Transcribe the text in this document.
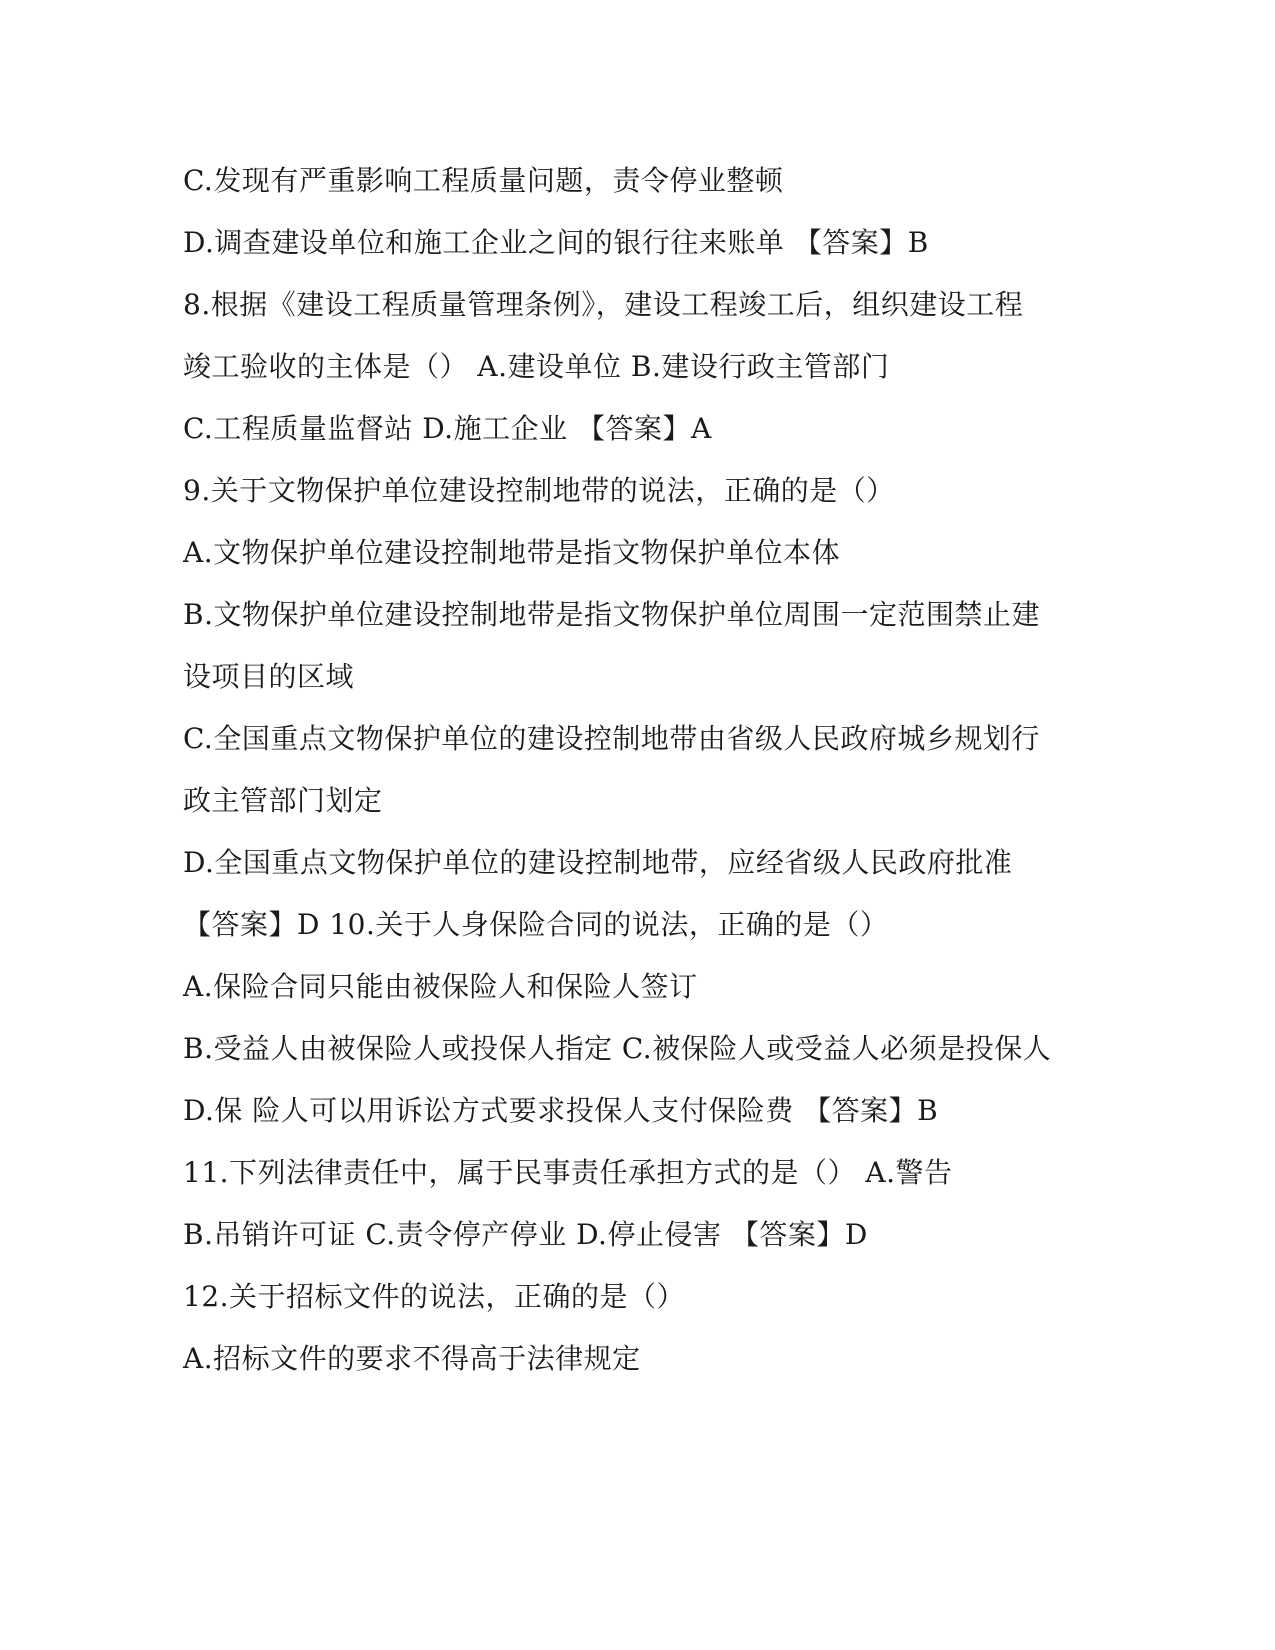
C.发现有严重影响工程质量问题，责令停业整顿
D.调查建设单位和施工企业之间的银行往来账单 【答案】B
8.根据《建设工程质量管理条例》，建设工程竣工后，组织建设工程
竣工验收的主体是（） A.建设单位 B.建设行政主管部门
C.工程质量监督站 D.施工企业 【答案】A
9.关于文物保护单位建设控制地带的说法，正确的是（）
A.文物保护单位建设控制地带是指文物保护单位本体
B.文物保护单位建设控制地带是指文物保护单位周围一定范围禁止建
设项目的区域
C.全国重点文物保护单位的建设控制地带由省级人民政府城乡规划行
政主管部门划定
D.全国重点文物保护单位的建设控制地带，应经省级人民政府批准
【答案】D 10.关于人身保险合同的说法，正确的是（）
A.保险合同只能由被保险人和保险人签订
B.受益人由被保险人或投保人指定 C.被保险人或受益人必须是投保人
D.保 险人可以用诉讼方式要求投保人支付保险费 【答案】B
11.下列法律责任中，属于民事责任承担方式的是（） A.警告
B.吊销许可证 C.责令停产停业 D.停止侵害 【答案】D
12.关于招标文件的说法，正确的是（）
A.招标文件的要求不得高于法律规定
